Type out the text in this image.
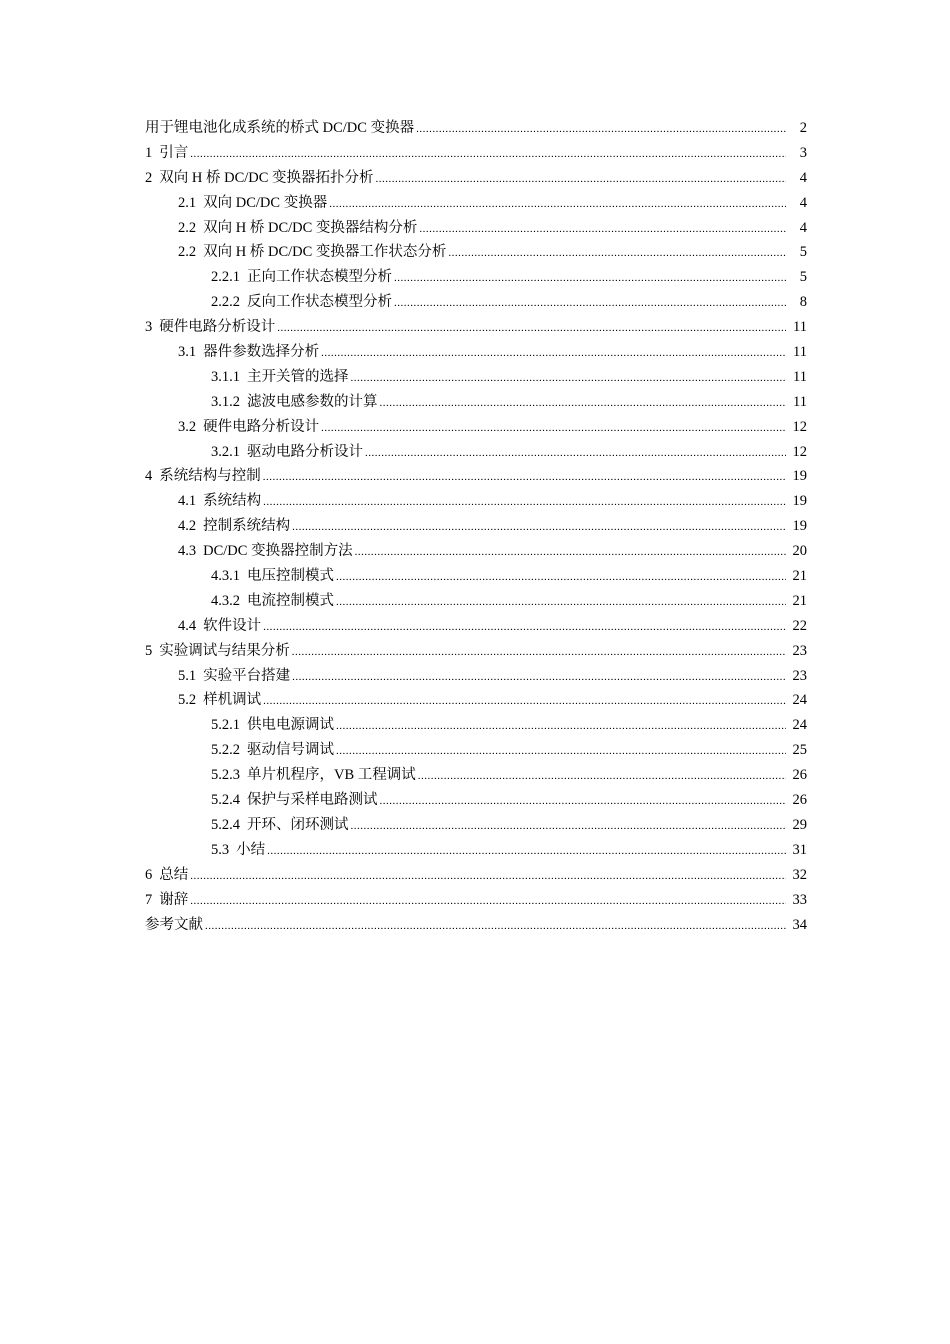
用于锂电池化成系统的桥式 DC/DC 变换器 .....	2
1 引言 .....	3
2 双向 H 桥 DC/DC 变换器拓扑分析 .....	4
2.1 双向 DC/DC 变换器 .....	4
2.2 双向 H 桥 DC/DC 变换器结构分析 .....	4
2.2 双向 H 桥 DC/DC 变换器工作状态分析 .....	5
2.2.1 正向工作状态模型分析 .....	5
2.2.2 反向工作状态模型分析 .....	8
3 硬件电路分析设计 .....	11
3.1 器件参数选择分析 .....	11
3.1.1 主开关管的选择 .....	11
3.1.2 滤波电感参数的计算 .....	11
3.2 硬件电路分析设计 .....	12
3.2.1 驱动电路分析设计 .....	12
4 系统结构与控制 .....	19
4.1 系统结构 .....	19
4.2 控制系统结构 .....	19
4.3 DC/DC 变换器控制方法 .....	20
4.3.1 电压控制模式 .....	21
4.3.2 电流控制模式 .....	21
4.4 软件设计 .....	22
5 实验调试与结果分析 .....	23
5.1 实验平台搭建 .....	23
5.2 样机调试 .....	24
5.2.1 供电电源调试 .....	24
5.2.2 驱动信号调试 .....	25
5.2.3 单片机程序，VB 工程调试 .....	26
5.2.4 保护与采样电路测试 .....	26
5.2.4 开环、闭环测试 .....	29
5.3 小结 .....	31
6 总结 .....	32
7 谢辞 .....	33
参考文献 .....	34
